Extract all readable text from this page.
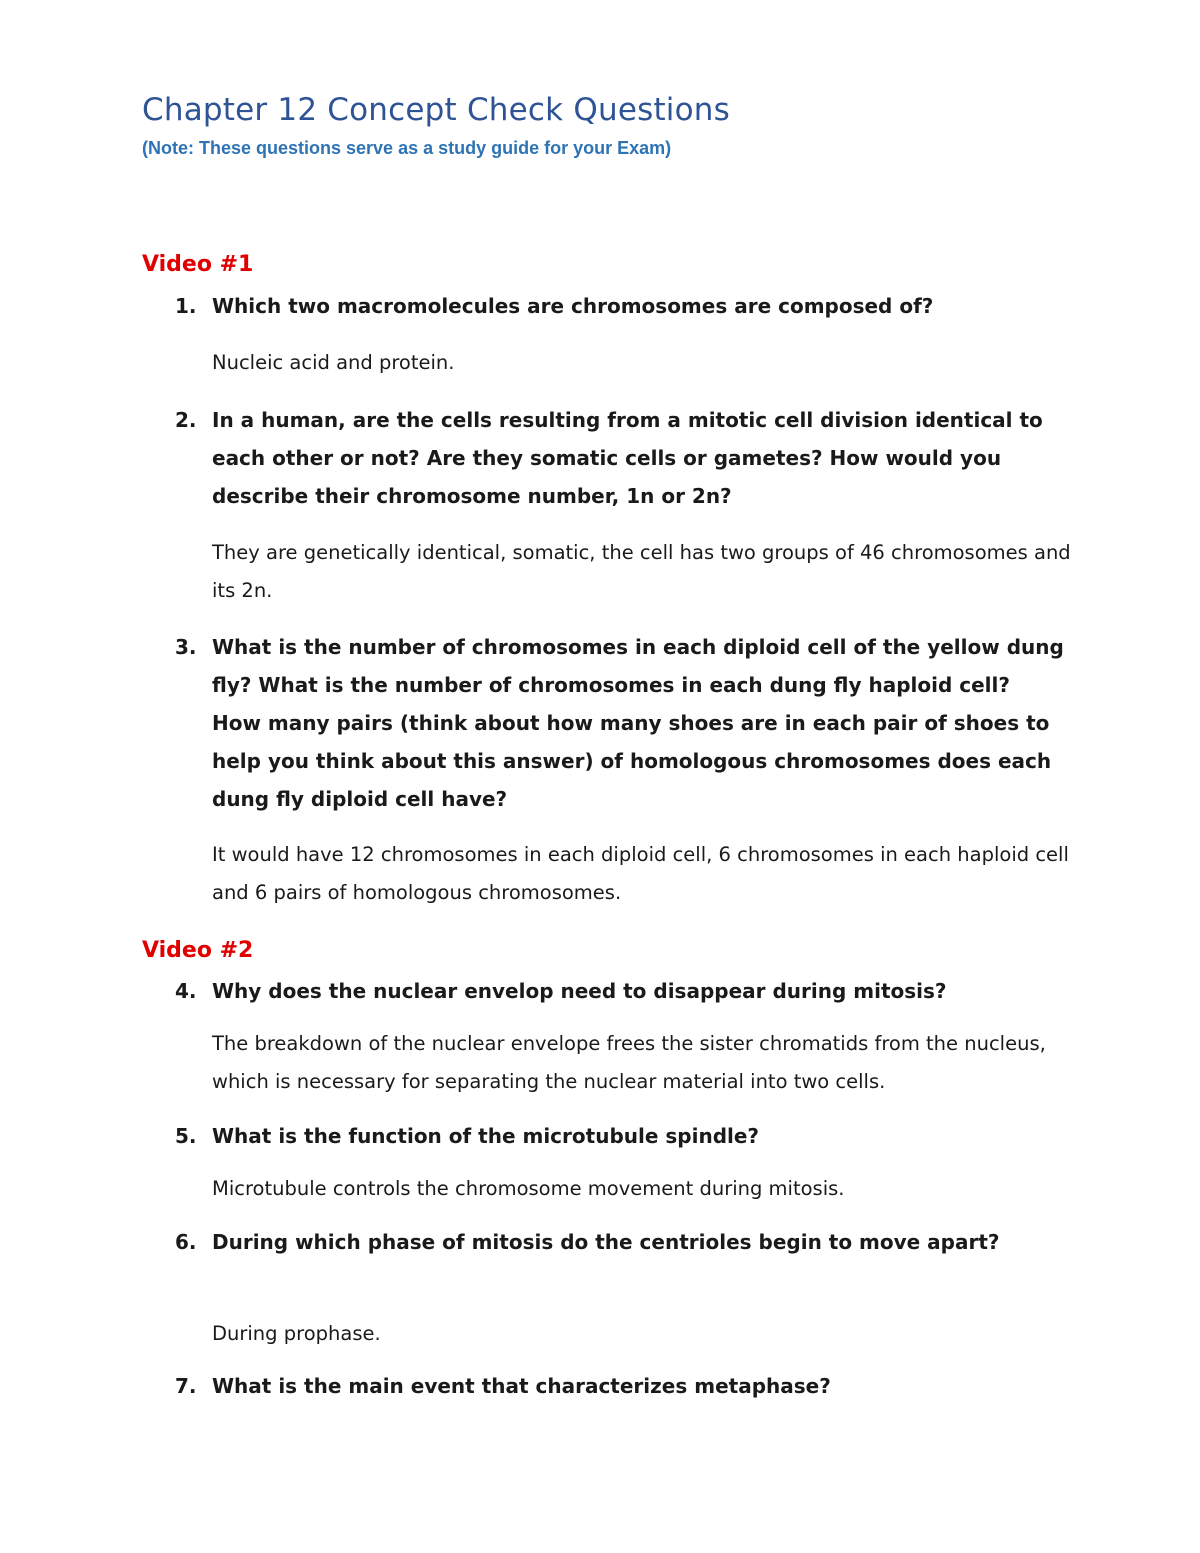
Chapter 12 Concept Check Questions
(Note: These questions serve as a study guide for your Exam)
Video #1
1. Which two macromolecules are chromosomes are composed of?
Nucleic acid and protein.
2. In a human, are the cells resulting from a mitotic cell division identical to each other or not? Are they somatic cells or gametes? How would you describe their chromosome number, 1n or 2n?
They are genetically identical, somatic, the cell has two groups of 46 chromosomes and its 2n.
3. What is the number of chromosomes in each diploid cell of the yellow dung fly? What is the number of chromosomes in each dung fly haploid cell? How many pairs (think about how many shoes are in each pair of shoes to help you think about this answer) of homologous chromosomes does each dung fly diploid cell have?
It would have 12 chromosomes in each diploid cell, 6 chromosomes in each haploid cell and 6 pairs of homologous chromosomes.
Video #2
4. Why does the nuclear envelop need to disappear during mitosis?
The breakdown of the nuclear envelope frees the sister chromatids from the nucleus, which is necessary for separating the nuclear material into two cells.
5. What is the function of the microtubule spindle?
Microtubule controls the chromosome movement during mitosis.
6. During which phase of mitosis do the centrioles begin to move apart?
During prophase.
7. What is the main event that characterizes metaphase?
